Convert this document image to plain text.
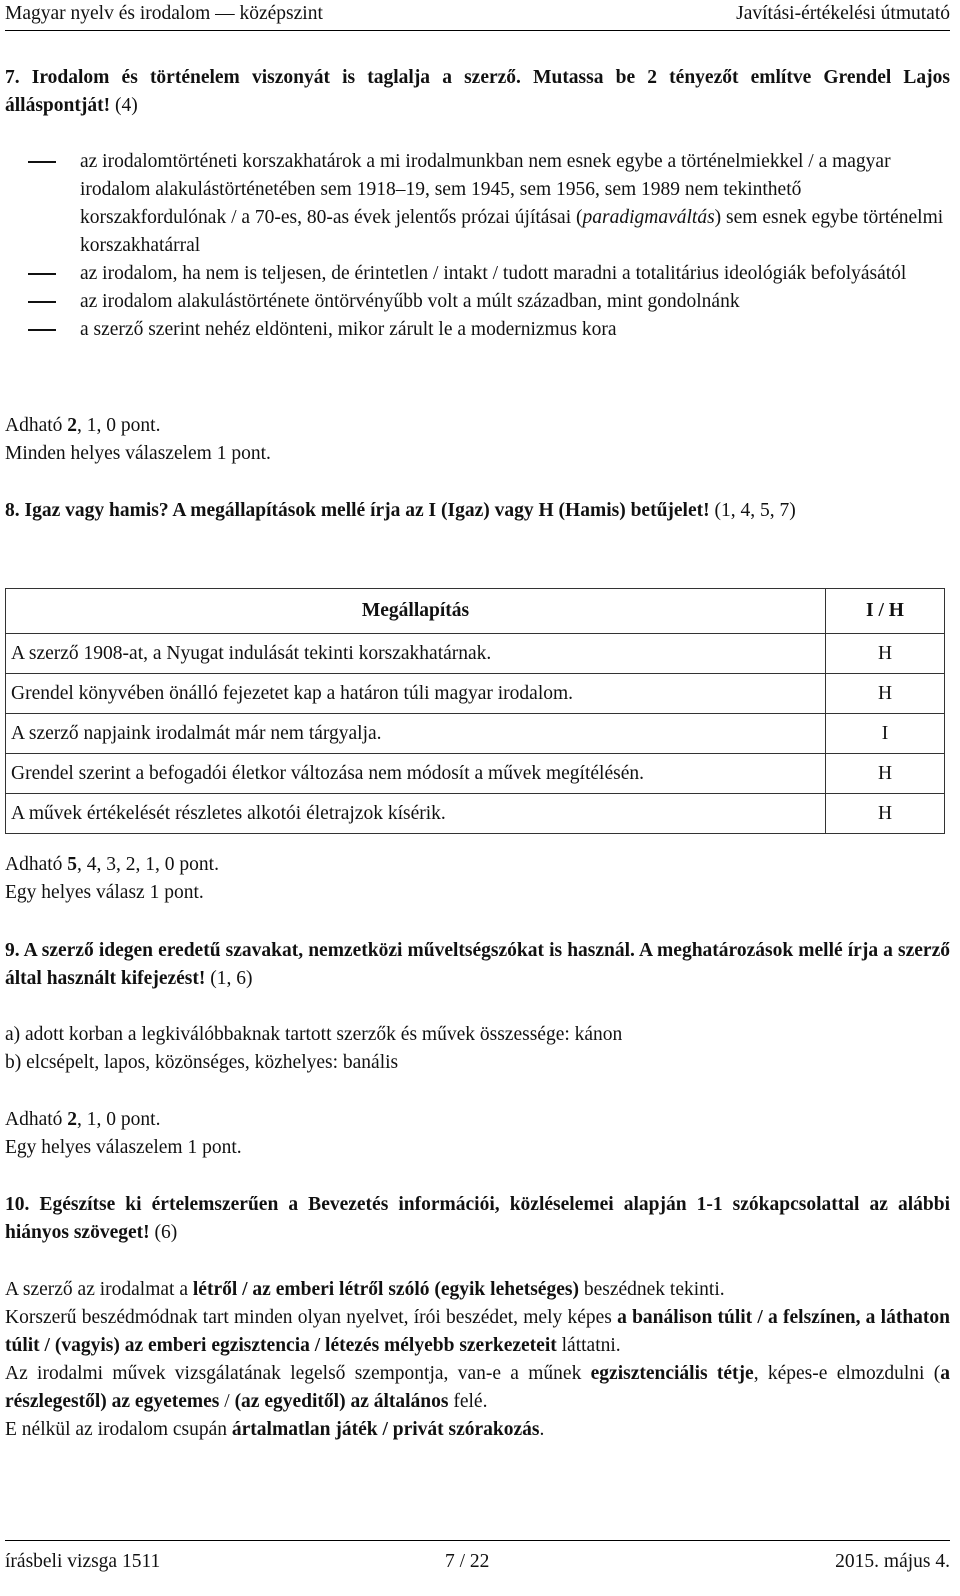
Magyar nyelv és irodalom — középszint	Javítási-értékelési útmutató
7. Irodalom és történelem viszonyát is taglalja a szerző. Mutassa be 2 tényezőt említve Grendel Lajos álláspontját! (4)
az irodalomtörténeti korszakhatárok a mi irodalmunkban nem esnek egybe a történelmiekkel / a magyar irodalom alakulástörténetében sem 1918–19, sem 1945, sem 1956, sem 1989 nem tekinthető korszakfordulónak / a 70-es, 80-as évek jelentős prózai újításai (paradigmaváltás) sem esnek egybe történelmi korszakhatárral
az irodalom, ha nem is teljesen, de érintetlen / intakt / tudott maradni a totalitárius ideológiák befolyásától
az irodalom alakulástörténete öntörvényűbb volt a múlt században, mint gondolnánk
a szerző szerint nehéz eldönteni, mikor zárult le a modernizmus kora
Adható 2, 1, 0 pont.
Minden helyes válaszelem 1 pont.
8. Igaz vagy hamis? A megállapítások mellé írja az I (Igaz) vagy H (Hamis) betűjelet! (1, 4, 5, 7)
Megállapítás	I / H
A szerző 1908-at, a Nyugat indulását tekinti korszakhatárnak.	H
Grendel könyvében önálló fejezetet kap a határon túli magyar irodalom.	H
A szerző napjaink irodalmát már nem tárgyalja.	I
Grendel szerint a befogadói életkor változása nem módosít a művek megítélésén.	H
A művek értékelését részletes alkotói életrajzok kísérik.	H
Adható 5, 4, 3, 2, 1, 0 pont.
Egy helyes válasz 1 pont.
9. A szerző idegen eredetű szavakat, nemzetközi műveltségszókat is használ. A meghatározások mellé írja a szerző által használt kifejezést! (1, 6)
a) adott korban a legkiválóbbaknak tartott szerzők és művek összessége: kánon
b) elcsépelt, lapos, közönséges, közhelyes: banális
Adható 2, 1, 0 pont.
Egy helyes válaszelem 1 pont.
10. Egészítse ki értelemszerűen a Bevezetés információi, közléselemei alapján 1-1 szókapcsolattal az alábbi hiányos szöveget! (6)
A szerző az irodalmat a létről / az emberi létről szóló (egyik lehetséges) beszédnek tekinti.
Korszerű beszédmódnak tart minden olyan nyelvet, írói beszédet, mely képes a banálison túlit / a felszínen, a láthaton túlit / (vagyis) az emberi egzisztencia / létezés mélyebb szerkezeteit láttatni.
Az irodalmi művek vizsgálatának legelső szempontja, van-e a műnek egzisztenciális tétje, képes-e elmozdulni (a részlegestől) az egyetemes / (az egyeditől) az általános felé.
E nélkül az irodalom csupán ártalmatlan játék / privát szórakozás.
írásbeli vizsga 1511	7 / 22	2015. május 4.
